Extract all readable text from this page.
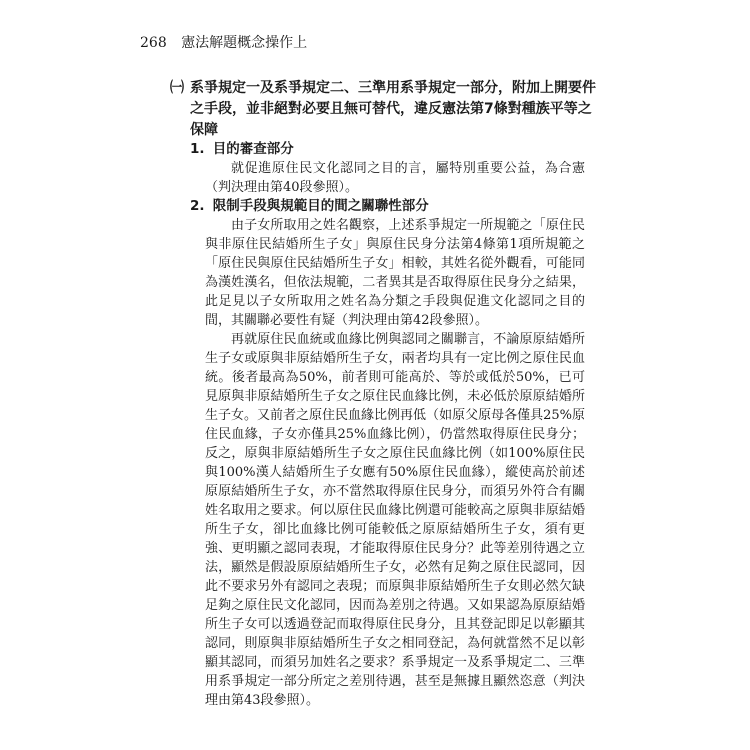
268 憲法解題概念操作上
㈠ 系爭規定一及系爭規定二、三準用系爭規定一部分，附加上開要件之手段，並非絕對必要且無可替代，違反憲法第7條對種族平等之保障
1. 目的審查部分

就促進原住民文化認同之目的言，屬特別重要公益，為合憲（判決理由第40段參照）。

2. 限制手段與規範目的間之關聯性部分

由子女所取用之姓名觀察，上述系爭規定一所規範之「原住民與非原住民結婚所生子女」與原住民身分法第4條第1項所規範之「原住民與原住民結婚所生子女」相較，其姓名從外觀看，可能同為漢姓漢名，但依法規範，二者異其是否取得原住民身分之結果，此足見以子女所取用之姓名為分類之手段與促進文化認同之目的間，其關聯必要性有疑（判決理由第42段參照）。

再就原住民血統或血緣比例與認同之關聯言，不論原原結婚所生子女或原與非原結婚所生子女，兩者均具有一定比例之原住民血統。後者最高為50%，前者則可能高於、等於或低於50%，已可見原與非原結婚所生子女之原住民血緣比例，未必低於原原結婚所生子女。又前者之原住民血緣比例再低（如原父原母各僅具25%原住民血緣，子女亦僅具25%血緣比例），仍當然取得原住民身分；反之，原與非原結婚所生子女之原住民血緣比例（如100%原住民與100%漢人結婚所生子女應有50%原住民血緣），縱使高於前述原原結婚所生子女，亦不當然取得原住民身分，而須另外符合有關姓名取用之要求。何以原住民血緣比例還可能較高之原與非原結婚所生子女，卻比血緣比例可能較低之原原結婚所生子女，須有更強、更明顯之認同表現，才能取得原住民身分？此等差別待遇之立法，顯然是假設原原結婚所生子女，必然有足夠之原住民認同，因此不要求另外有認同之表現；而原與非原結婚所生子女則必然欠缺足夠之原住民文化認同，因而為差別之待遇。又如果認為原原結婚所生子女可以透過登記而取得原住民身分，且其登記即足以彰顯其認同，則原與非原結婚所生子女之相同登記，為何就當然不足以彰顯其認同，而須另加姓名之要求？系爭規定一及系爭規定二、三準用系爭規定一部分所定之差別待遇，甚至是無據且顯然恣意（判決理由第43段參照）。
